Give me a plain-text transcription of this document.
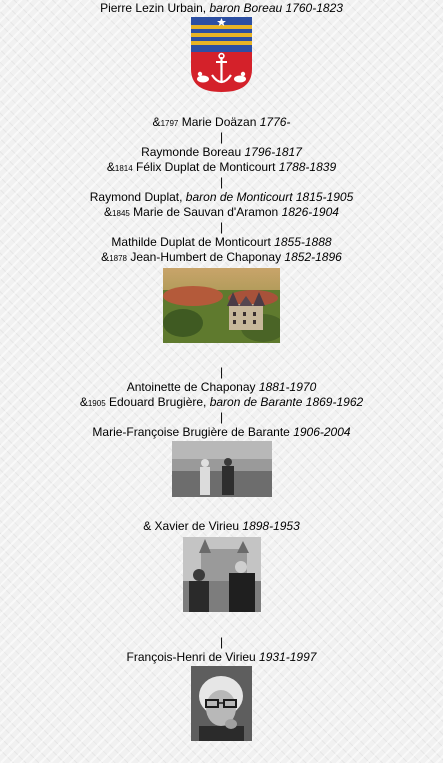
Pierre Lezin Urbain, baron Boreau 1760-1823
&1797 Marie Doäzan 1776-
|
Raymonde Boreau 1796-1817
&1814 Félix Duplat de Monticourt 1788-1839
|
Raymond Duplat, baron de Monticourt 1815-1905
&1845 Marie de Sauvan d'Aramon 1826-1904
|
Mathilde Duplat de Monticourt 1855-1888
&1878 Jean-Humbert de Chaponay 1852-1896
|
Antoinette de Chaponay 1881-1970
&1905 Edouard Brugière, baron de Barante 1869-1962
|
Marie-Françoise Brugière de Barante 1906-2004
& Xavier de Virieu 1898-1953
|
François-Henri de Virieu 1931-1997
